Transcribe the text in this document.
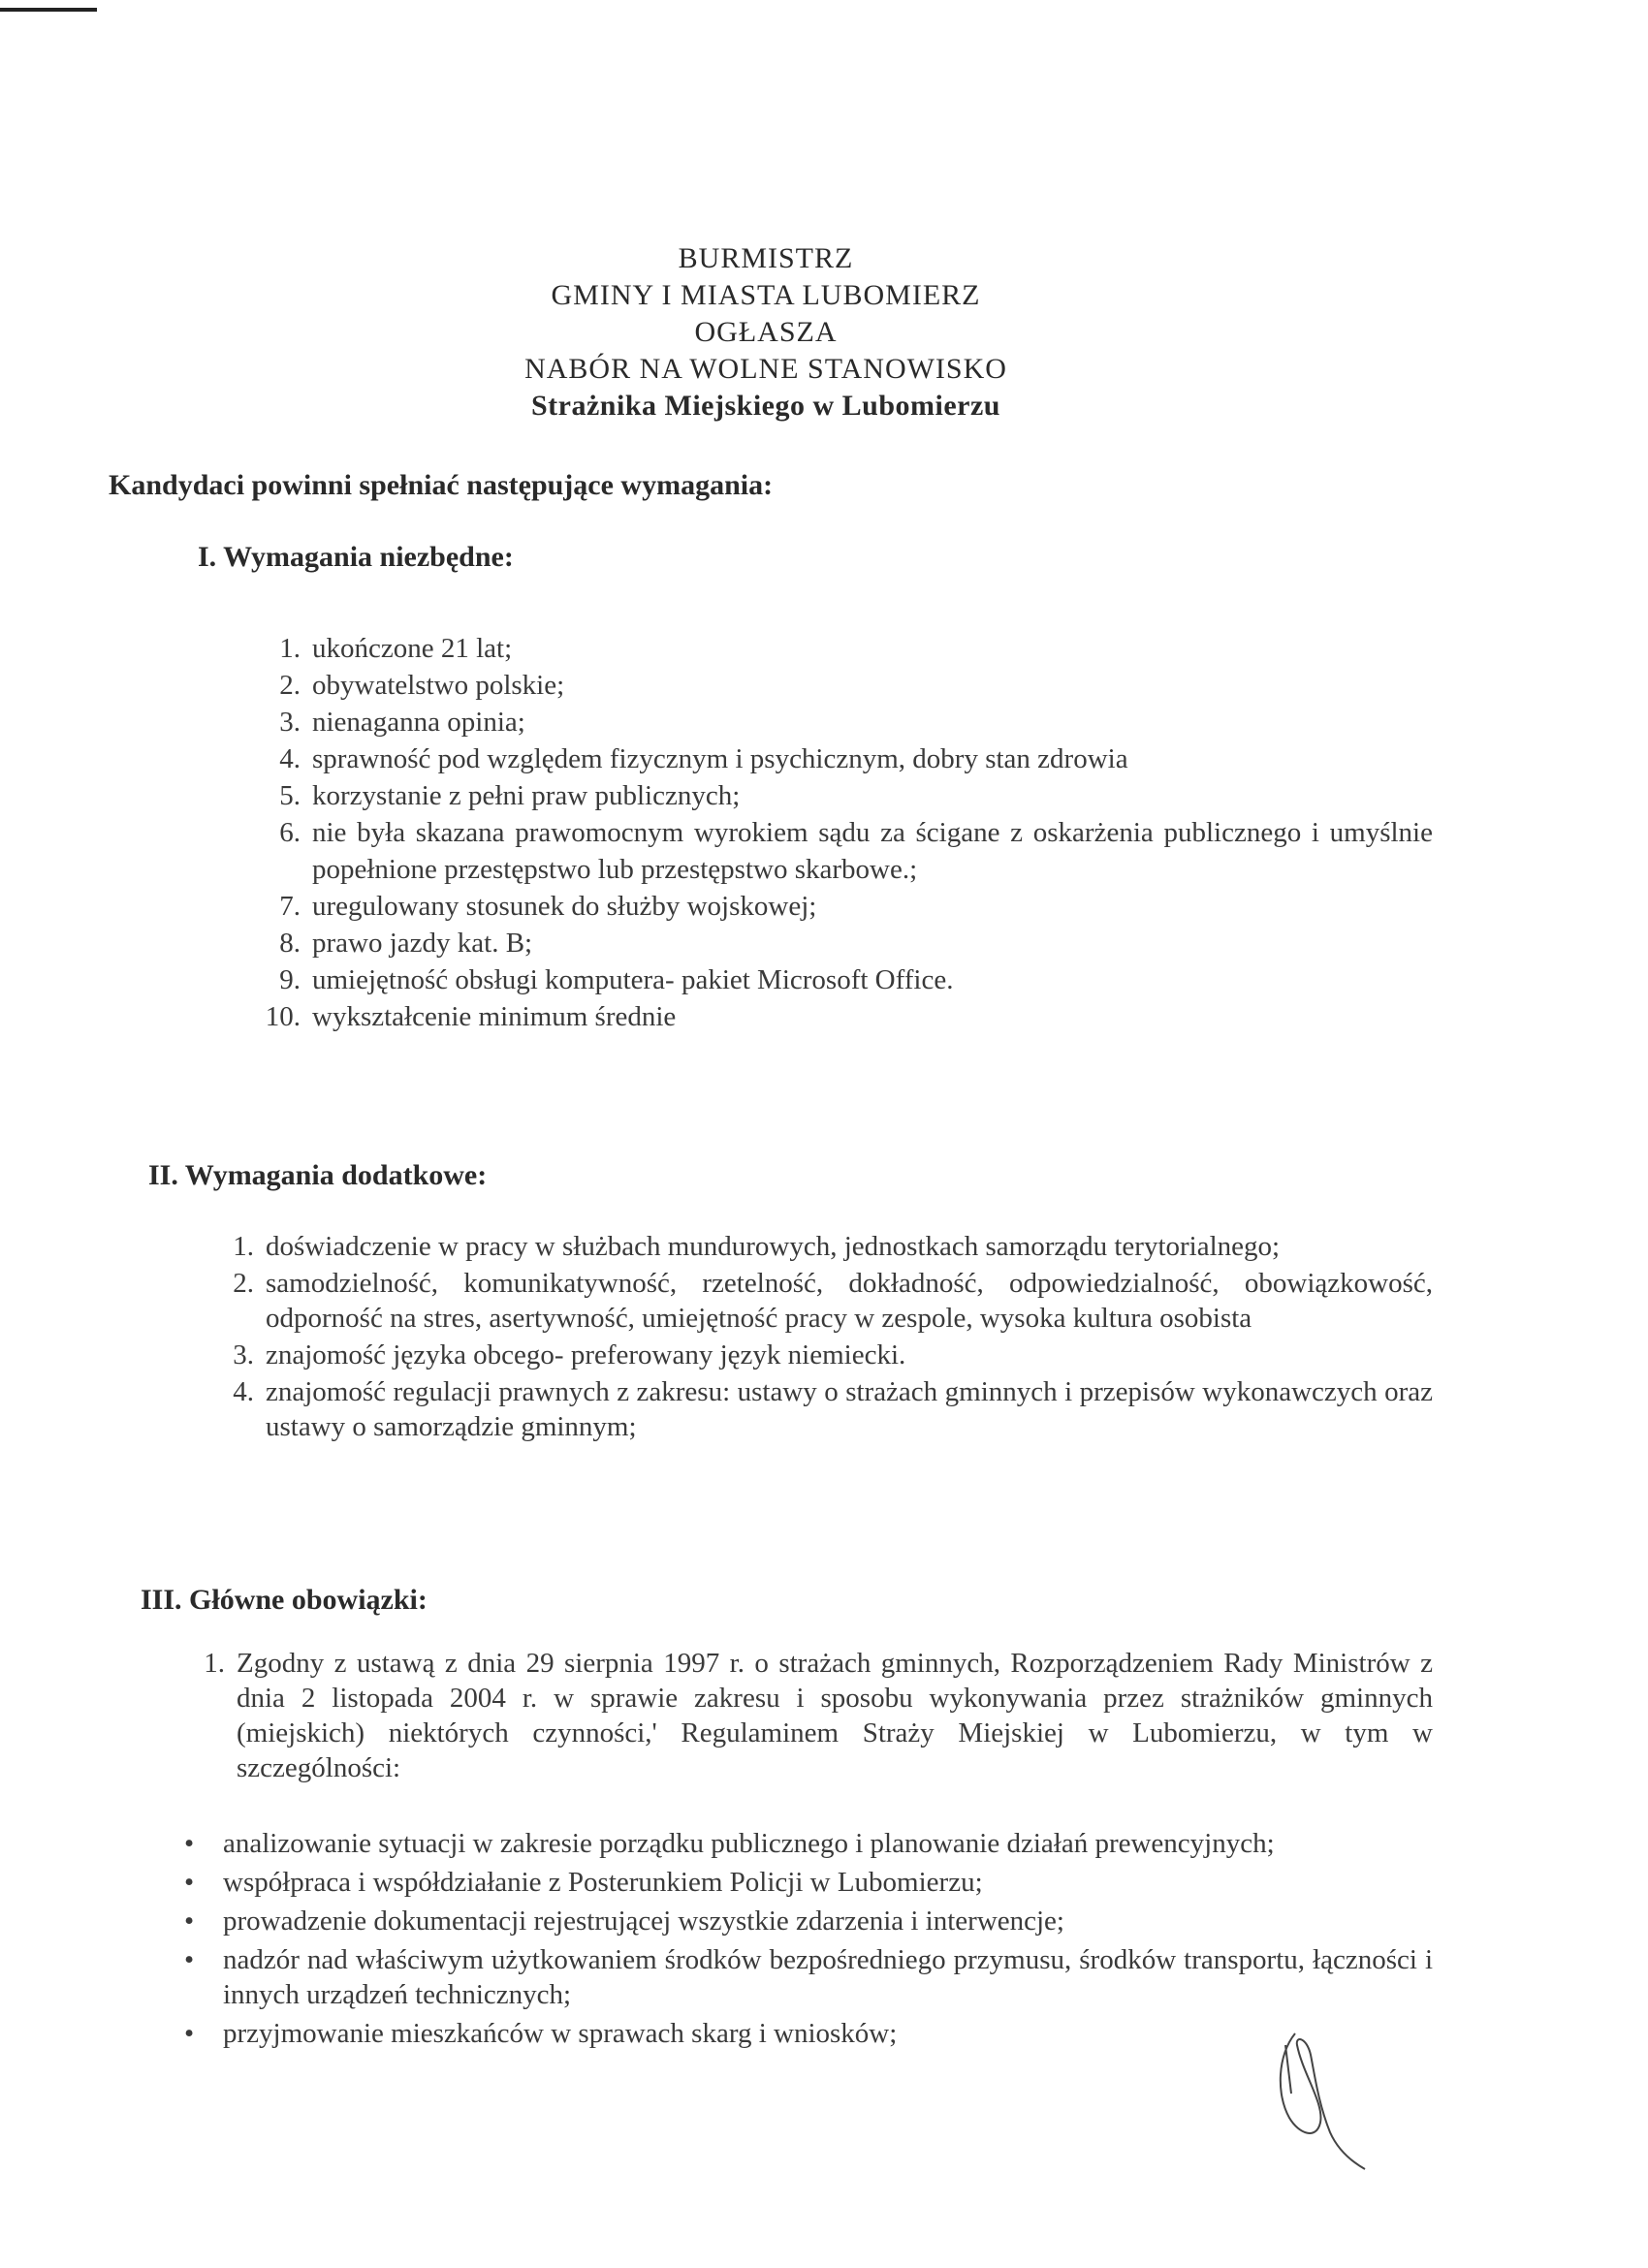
BURMISTRZ
GMINY I MIASTA LUBOMIERZ
OGŁASZA
NABÓR NA WOLNE STANOWISKO
Strażnika Miejskiego w Lubomierzu
Kandydaci powinni spełniać następujące wymagania:
I. Wymagania niezbędne:
1. ukończone 21 lat;
2. obywatelstwo polskie;
3. nienaganna opinia;
4. sprawność pod względem fizycznym i psychicznym, dobry stan zdrowia
5. korzystanie z pełni praw publicznych;
6. nie była skazana prawomocnym wyrokiem sądu za ścigane z oskarżenia publicznego i umyślnie popełnione przestępstwo lub przestępstwo skarbowe.;
7. uregulowany stosunek do służby wojskowej;
8. prawo jazdy kat. B;
9. umiejętność obsługi komputera- pakiet Microsoft Office.
10. wykształcenie minimum średnie
II. Wymagania dodatkowe:
1. doświadczenie w pracy w służbach mundurowych, jednostkach samorządu terytorialnego;
2. samodzielność, komunikatywność, rzetelność, dokładność, odpowiedzialność, obowiązkowość, odporność na stres, asertywność, umiejętność pracy w zespole, wysoka kultura osobista
3. znajomość języka obcego- preferowany język niemiecki.
4. znajomość regulacji prawnych z zakresu: ustawy o strażach gminnych i przepisów wykonawczych oraz ustawy o samorządzie gminnym;
III. Główne obowiązki:
1. Zgodny z ustawą z dnia 29 sierpnia 1997 r. o strażach gminnych, Rozporządzeniem Rady Ministrów z dnia 2 listopada 2004 r. w sprawie zakresu i sposobu wykonywania przez strażników gminnych (miejskich) niektórych czynności,' Regulaminem Straży Miejskiej w Lubomierzu, w tym w szczególności:
•	analizowanie sytuacji w zakresie porządku publicznego i planowanie działań prewencyjnych;
•	współpraca i współdziałanie z Posterunkiem Policji w Lubomierzu;
•	prowadzenie dokumentacji rejestrującej wszystkie zdarzenia i interwencje;
•	nadzór nad właściwym użytkowaniem środków bezpośredniego przymusu, środków transportu, łączności i innych urządzeń technicznych;
•	przyjmowanie mieszkańców w sprawach skarg i wniosków;
